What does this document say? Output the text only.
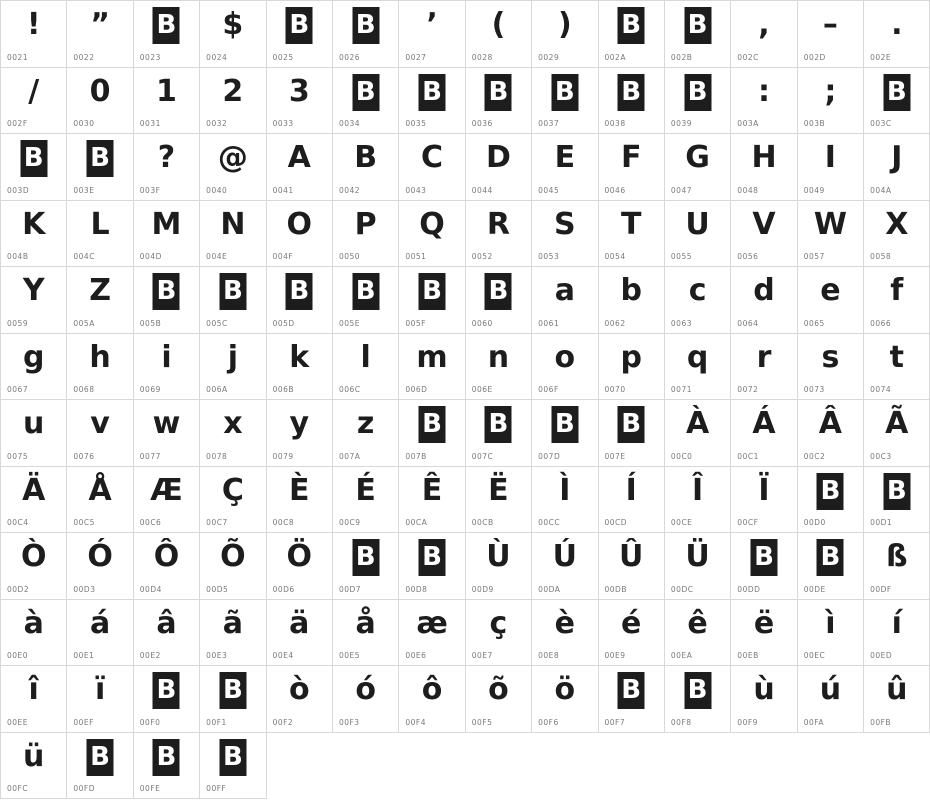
!
0021
”
0022
B
0023
$
0024
B
0025
B
0026
’
0027
(
0028
)
0029
B
002A
B
002B
,
002C
–
002D
.
002E
/
002F
0
0030
1
0031
2
0032
3
0033
B
0034
B
0035
B
0036
B
0037
B
0038
B
0039
:
003A
;
003B
B
003C
B
003D
B
003E
?
003F
@
0040
A
0041
B
0042
C
0043
D
0044
E
0045
F
0046
G
0047
H
0048
I
0049
J
004A
K
004B
L
004C
M
004D
N
004E
O
004F
P
0050
Q
0051
R
0052
S
0053
T
0054
U
0055
V
0056
W
0057
X
0058
Y
0059
Z
005A
B
005B
B
005C
B
005D
B
005E
B
005F
B
0060
a
0061
b
0062
c
0063
d
0064
e
0065
f
0066
g
0067
h
0068
i
0069
j
006A
k
006B
l
006C
m
006D
n
006E
o
006F
p
0070
q
0071
r
0072
s
0073
t
0074
u
0075
v
0076
w
0077
x
0078
y
0079
z
007A
B
007B
B
007C
B
007D
B
007E
À
00C0
Á
00C1
Â
00C2
Ã
00C3
Ä
00C4
Å
00C5
Æ
00C6
Ç
00C7
È
00C8
É
00C9
Ê
00CA
Ë
00CB
Ì
00CC
Í
00CD
Î
00CE
Ï
00CF
B
00D0
B
00D1
Ò
00D2
Ó
00D3
Ô
00D4
Õ
00D5
Ö
00D6
B
00D7
B
00D8
Ù
00D9
Ú
00DA
Û
00DB
Ü
00DC
B
00DD
B
00DE
ß
00DF
à
00E0
á
00E1
â
00E2
ã
00E3
ä
00E4
å
00E5
æ
00E6
ç
00E7
è
00E8
é
00E9
ê
00EA
ë
00EB
ì
00EC
í
00ED
î
00EE
ï
00EF
B
00F0
B
00F1
ò
00F2
ó
00F3
ô
00F4
õ
00F5
ö
00F6
B
00F7
B
00F8
ù
00F9
ú
00FA
û
00FB
ü
00FC
B
00FD
B
00FE
B
00FF
